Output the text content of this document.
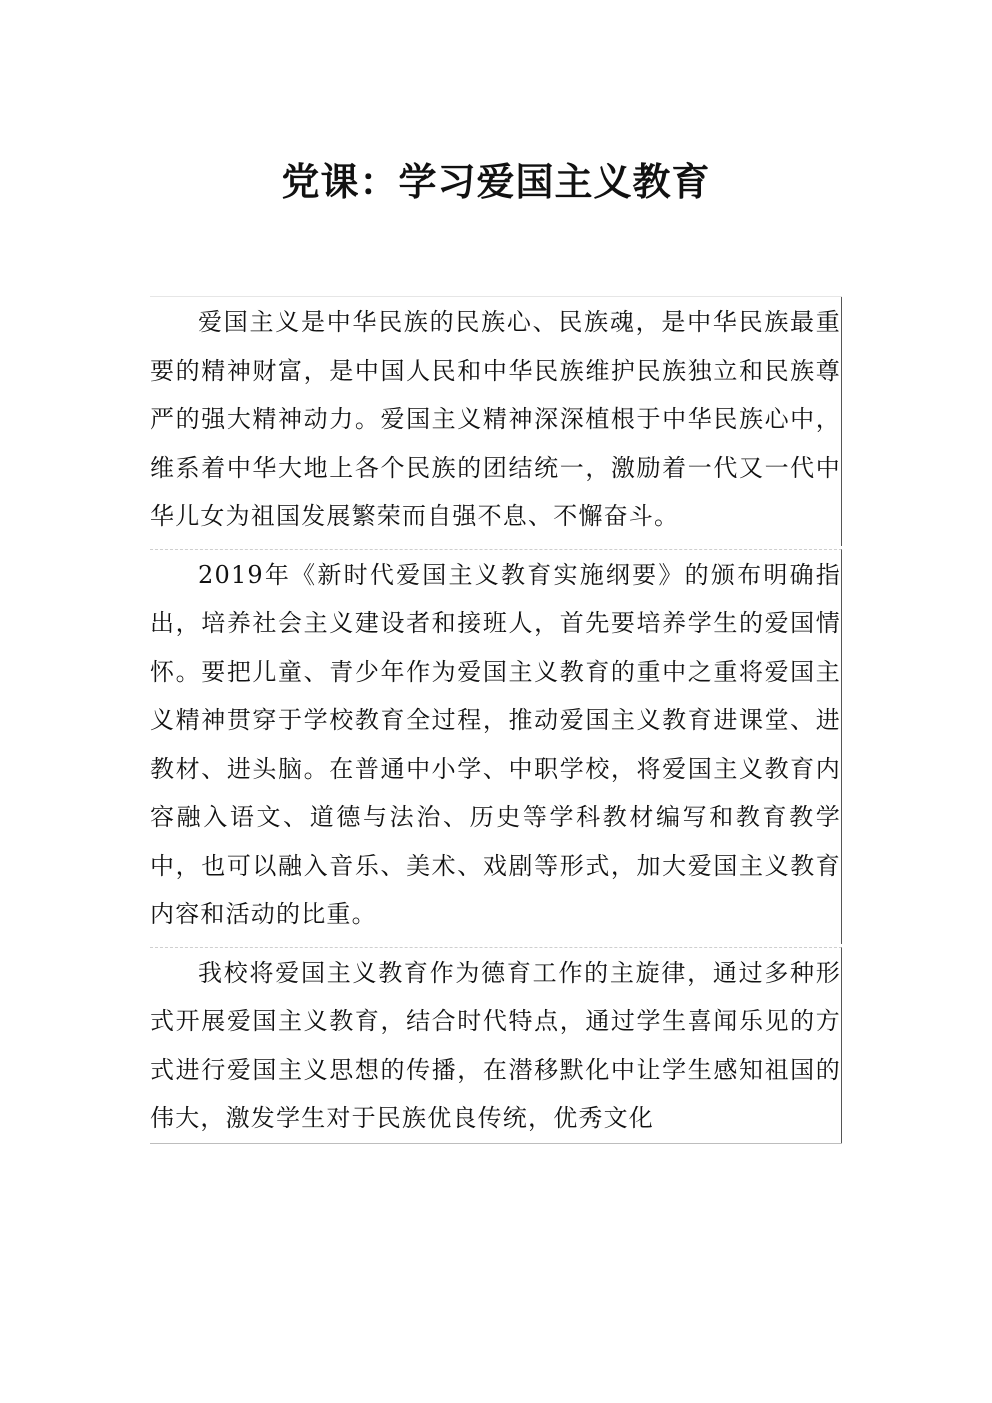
党课：学习爱国主义教育

爱国主义是中华民族的民族心、民族魂，是中华民族最重要的精神财富，是中国人民和中华民族维护民族独立和民族尊严的强大精神动力。爱国主义精神深深植根于中华民族心中，维系着中华大地上各个民族的团结统一，激励着一代又一代中华儿女为祖国发展繁荣而自强不息、不懈奋斗。

2019年《新时代爱国主义教育实施纲要》的颁布明确指出，培养社会主义建设者和接班人，首先要培养学生的爱国情怀。要把儿童、青少年作为爱国主义教育的重中之重将爱国主义精神贯穿于学校教育全过程，推动爱国主义教育进课堂、进教材、进头脑。在普通中小学、中职学校，将爱国主义教育内容融入语文、道德与法治、历史等学科教材编写和教育教学中，也可以融入音乐、美术、戏剧等形式，加大爱国主义教育内容和活动的比重。

我校将爱国主义教育作为德育工作的主旋律，通过多种形式开展爱国主义教育，结合时代特点，通过学生喜闻乐见的方式进行爱国主义思想的传播，在潜移默化中让学生感知祖国的伟大，激发学生对于民族优良传统，优秀文化
